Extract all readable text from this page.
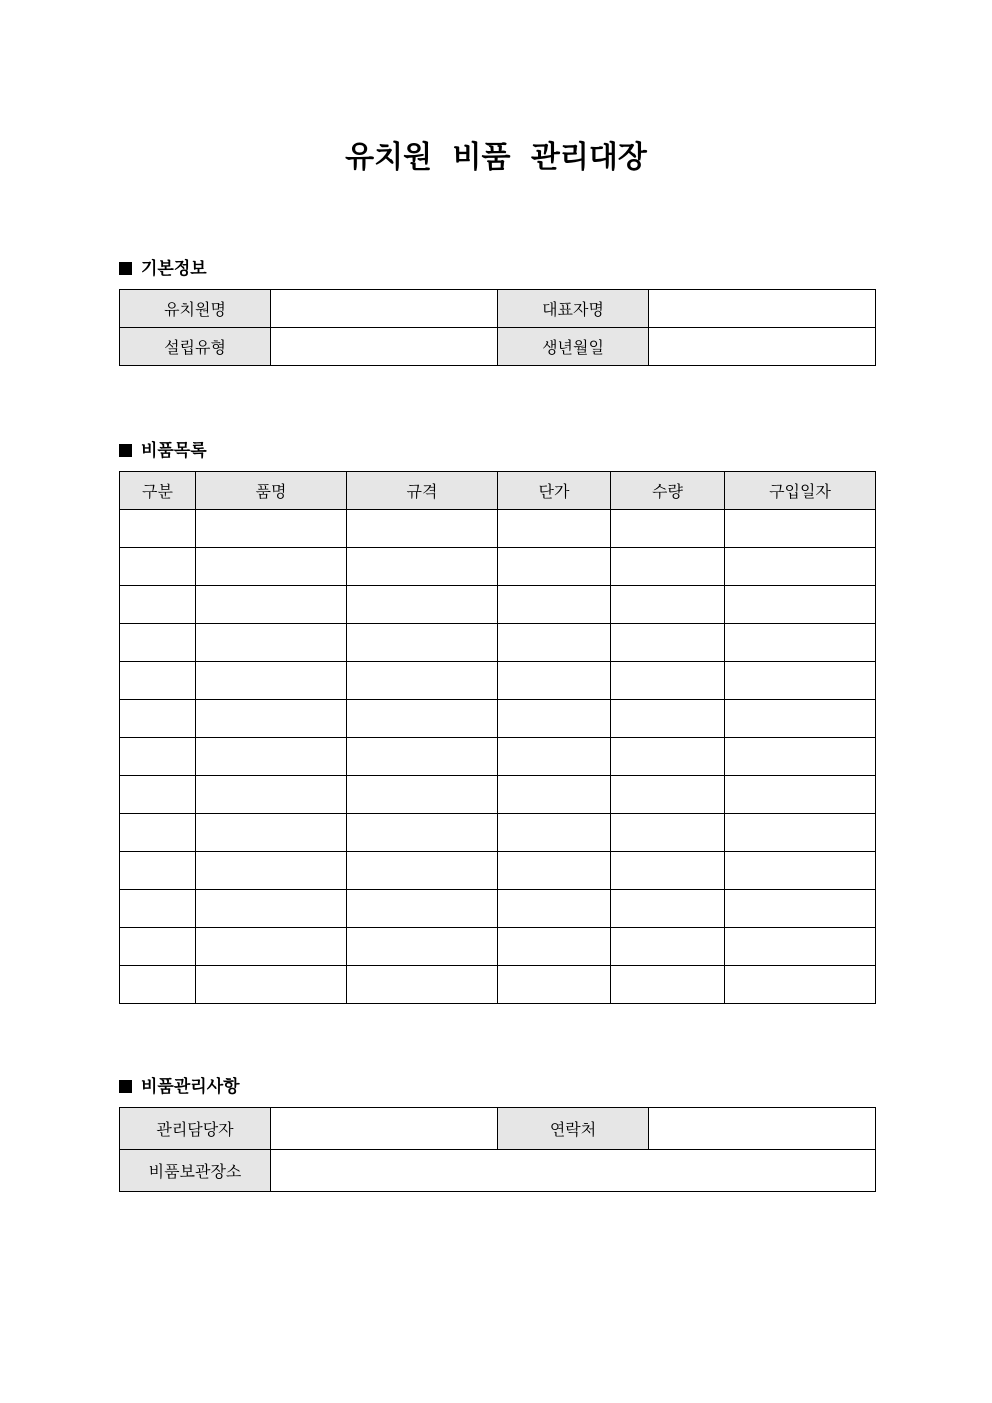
유치원 비품 관리대장
기본정보
유치원명		대표자명	
설립유형		생년월일	
비품목록
구분	품명	규격	단가	수량	구입일자

비품관리사항
관리담당자		연락처	
비품보관장소			
